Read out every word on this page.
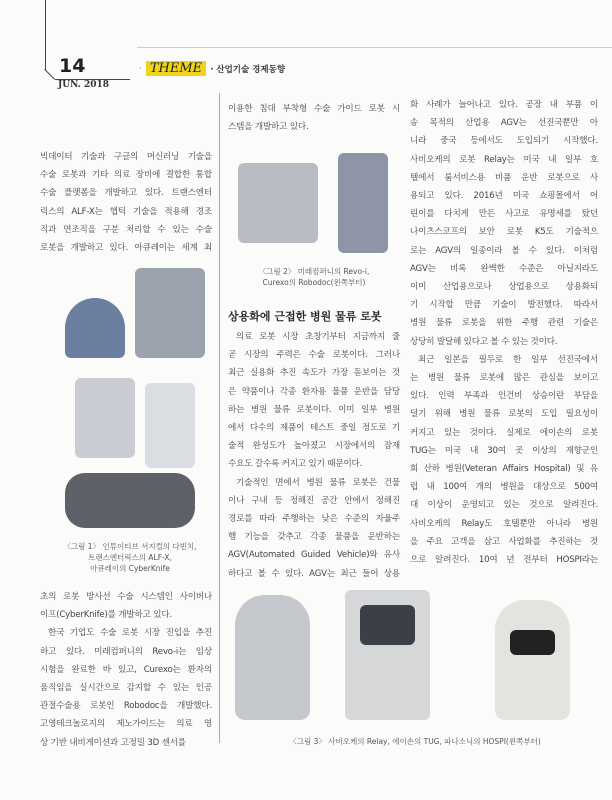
14
JUN. 2018
· THEME · 산업기술 경제동향

빅데이터 기술과 구글의 머신러닝 기술을

수술 로봇과 기타 의료 장비에 결합한 통합

수술 플랫폼을 개발하고 있다. 트랜스엔터

릭스의 ALF-X는 햅틱 기술을 적용해 경조

직과 연조직을 구분 처리할 수 있는 수술

로봇을 개발하고 있다. 아큐레이는 세계 최

〈그림 1〉 인튜이티브 서지컬의 다빈치,
트랜스엔터릭스의 ALF-X,
아큐레이의 CyberKnife

초의 로봇 방사선 수술 시스템인 사이버나

이프(CyberKnife)를 개발하고 있다.

한국 기업도 수술 로봇 시장 진입을 추진

하고 있다. 미래컴퍼니의 Revo-i는 임상

시험을 완료한 바 있고, Curexo는 환자의

움직임을 실시간으로 감지할 수 있는 인공

관절수술용 로봇인 Robodoc을 개발했다.

고영테크놀로지의 제노가이드는 의료 영

상 기반 내비게이션과 고정밀 3D 센서를

이용한 침대 부착형 수술 가이드 로봇 시

스템을 개발하고 있다.

〈그림 2〉 미래컴퍼니의 Revo-i,
Curexo의 Robodoc(왼쪽부터)
상용화에 근접한 병원 물류 로봇

의료 로봇 시장 초창기부터 지금까지 줄

곧 시장의 주력은 수술 로봇이다. 그러나

최근 실용화 추진 속도가 가장 돋보이는 것

은 약품이나 각종 환자용 물품 운반을 담당

하는 병원 물류 로봇이다. 이미 일부 병원

에서 다수의 제품이 테스트 중일 정도로 기

술적 완성도가 높아졌고 시장에서의 잠재

수요도 갈수록 커지고 있기 때문이다.

기술적인 면에서 병원 물류 로봇은 건물

이나 구내 등 정해진 공간 안에서 정해진

경로를 따라 주행하는 낮은 수준의 자율주

행 기능을 갖추고 각종 물품을 운반하는

AGV(Automated Guided Vehicle)와 유사

하다고 볼 수 있다. AGV는 최근 들어 상용

화 사례가 늘어나고 있다. 공장 내 부품 이

송 목적의 산업용 AGV는 선진국뿐만 아

니라 중국 등에서도 도입되기 시작했다.

사비오케의 로봇 Relay는 미국 내 일부 호

텔에서 룸서비스용 비품 운반 로봇으로 사

용되고 있다. 2016년 미국 쇼핑몰에서 어

린이를 다치게 만든 사고로 유명세를 탔던

나이츠스코프의 보안 로봇 K5도 기술적으

로는 AGV의 일종이라 볼 수 있다. 이처럼

AGV는 비록 완벽한 수준은 아닐지라도

이미 산업용으로나 상업용으로 상용화되

기 시작할 만큼 기술이 발전했다. 따라서

병원 물류 로봇을 위한 주행 관련 기술은

상당히 발달해 있다고 볼 수 있는 것이다.

최근 일본을 필두로 한 일부 선진국에서

는 병원 물류 로봇에 많은 관심을 보이고

있다. 인력 부족과 인건비 상승이란 부담을

덜기 위해 병원 물류 로봇의 도입 필요성이

커지고 있는 것이다. 실제로 에이손의 로봇

TUG는 미국 내 30여 곳 이상의 재향군인

회 산하 병원(Veteran Affairs Hospital) 및 유

럽 내 100여 개의 병원을 대상으로 500여

대 이상이 운영되고 있는 것으로 알려진다.

사비오케의 Relay도 호텔뿐만 아니라 병원

을 주요 고객을 삼고 사업화를 추진하는 것

으로 알려진다. 10여 년 전부터 HOSPI라는

〈그림 3〉 사비오케의 Relay, 에이손의 TUG, 파나소닉의 HOSPI(왼쪽부터)
